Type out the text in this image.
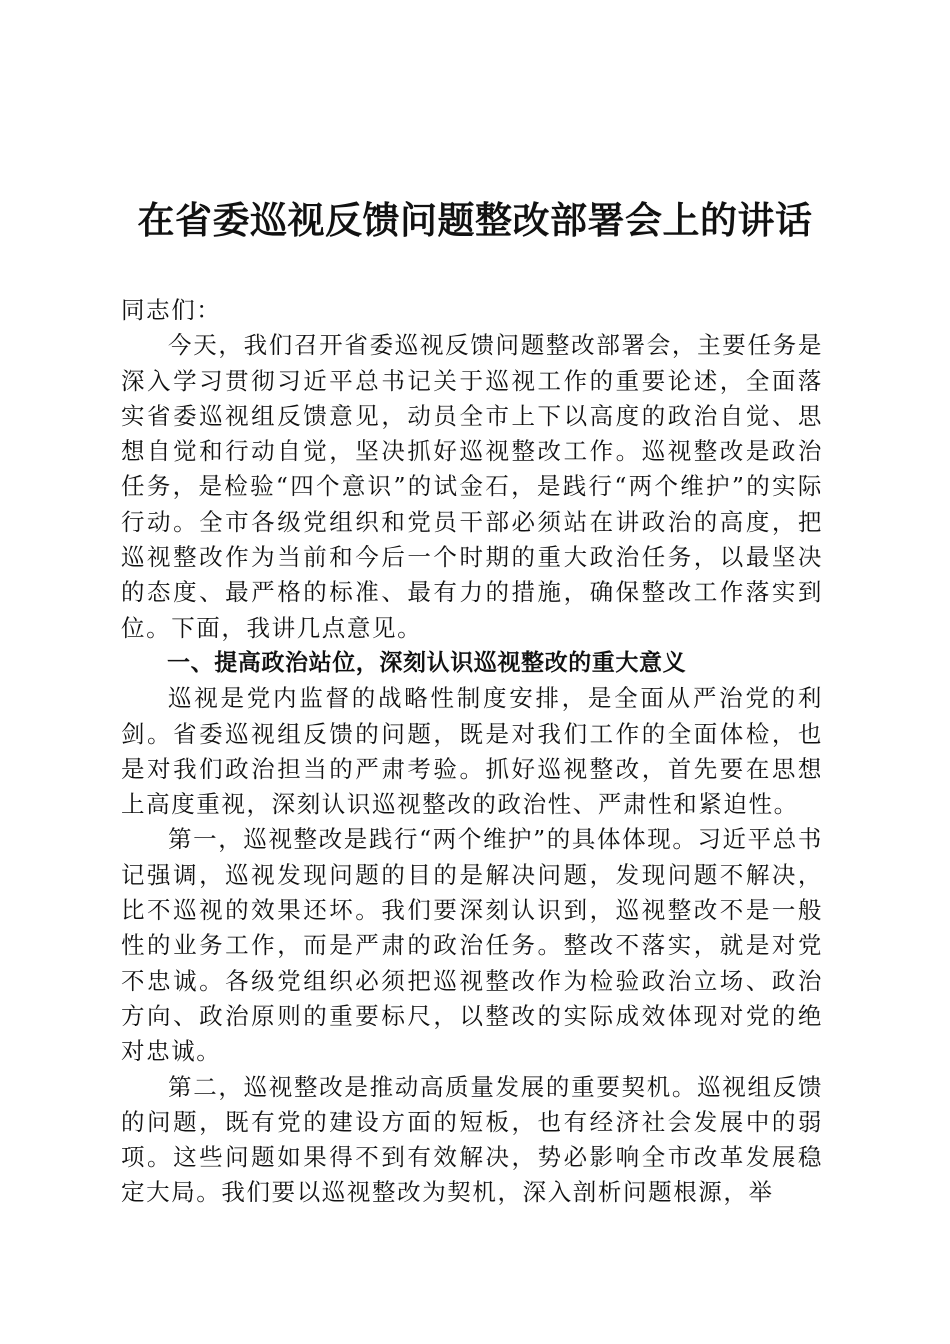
在省委巡视反馈问题整改部署会上的讲话

同志们：

今天，我们召开省委巡视反馈问题整改部署会，主要任务是深入学习贯彻习近平总书记关于巡视工作的重要论述，全面落实省委巡视组反馈意见，动员全市上下以高度的政治自觉、思想自觉和行动自觉，坚决抓好巡视整改工作。巡视整改是政治任务，是检验“四个意识”的试金石，是践行“两个维护”的实际行动。全市各级党组织和党员干部必须站在讲政治的高度，把巡视整改作为当前和今后一个时期的重大政治任务，以最坚决的态度、最严格的标准、最有力的措施，确保整改工作落实到位。下面，我讲几点意见。

一、提高政治站位，深刻认识巡视整改的重大意义

巡视是党内监督的战略性制度安排，是全面从严治党的利剑。省委巡视组反馈的问题，既是对我们工作的全面体检，也是对我们政治担当的严肃考验。抓好巡视整改，首先要在思想上高度重视，深刻认识巡视整改的政治性、严肃性和紧迫性。

第一，巡视整改是践行“两个维护”的具体体现。习近平总书记强调，巡视发现问题的目的是解决问题，发现问题不解决，比不巡视的效果还坏。我们要深刻认识到，巡视整改不是一般性的业务工作，而是严肃的政治任务。整改不落实，就是对党不忠诚。各级党组织必须把巡视整改作为检验政治立场、政治方向、政治原则的重要标尺，以整改的实际成效体现对党的绝对忠诚。

第二，巡视整改是推动高质量发展的重要契机。巡视组反馈的问题，既有党的建设方面的短板，也有经济社会发展中的弱项。这些问题如果得不到有效解决，势必影响全市改革发展稳定大局。我们要以巡视整改为契机，深入剖析问题根源，举
